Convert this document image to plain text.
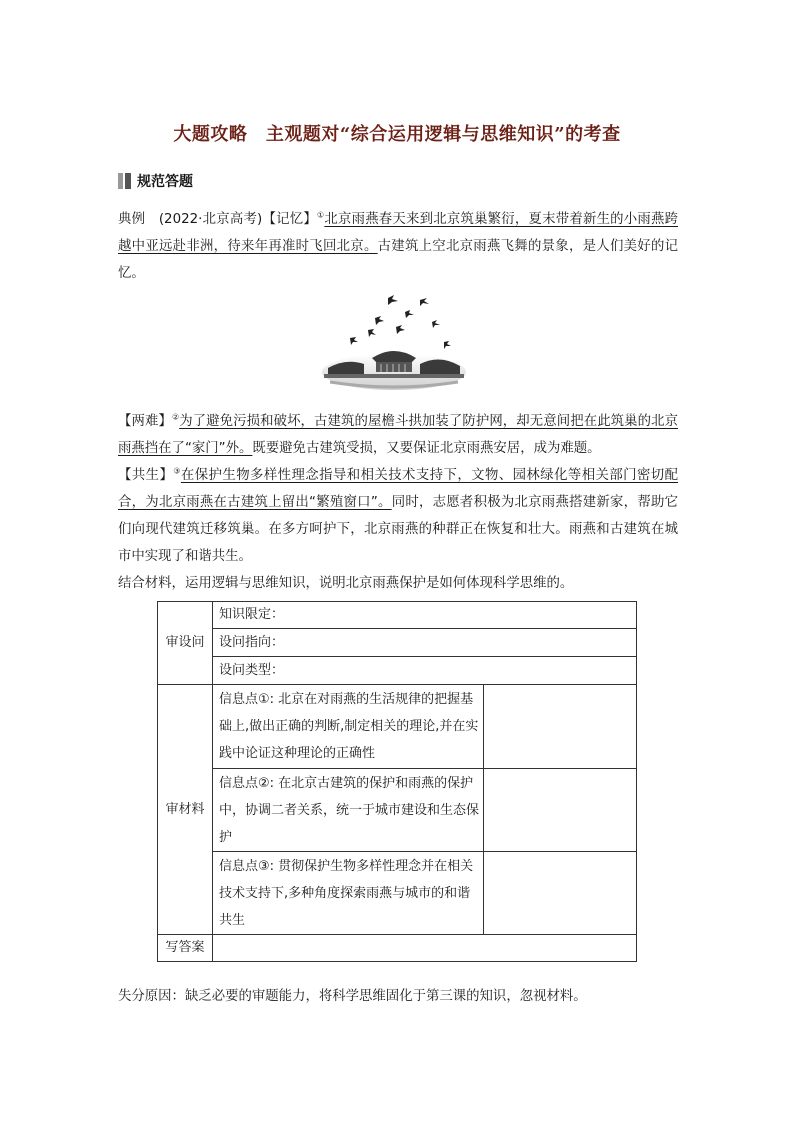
大题攻略　主观题对“综合运用逻辑与思维知识”的考查
规范答题
典例　(2022·北京高考)【记忆】①北京雨燕春天来到北京筑巢繁衍，夏末带着新生的小雨燕跨越中亚远赴非洲，待来年再准时飞回北京。古建筑上空北京雨燕飞舞的景象，是人们美好的记忆。
【两难】②为了避免污损和破坏，古建筑的屋檐斗拱加装了防护网，却无意间把在此筑巢的北京雨燕挡在了“家门”外。既要避免古建筑受损，又要保证北京雨燕安居，成为难题。
【共生】③在保护生物多样性理念指导和相关技术支持下，文物、园林绿化等相关部门密切配合，为北京雨燕在古建筑上留出“繁殖窗口”。同时，志愿者积极为北京雨燕搭建新家，帮助它们向现代建筑迁移筑巢。在多方呵护下，北京雨燕的种群正在恢复和壮大。雨燕和古建筑在城市中实现了和谐共生。
结合材料，运用逻辑与思维知识，说明北京雨燕保护是如何体现科学思维的。
审设问	知识限定：	
	设问指向：	
	设问类型：	
审材料	信息点①: 北京在对雨燕的生活规律的把握基础上,做出正确的判断,制定相关的理论,并在实践中论证这种理论的正确性	
	信息点②: 在北京古建筑的保护和雨燕的保护中，协调二者关系，统一于城市建设和生态保护	
	信息点③: 贯彻保护生物多样性理念并在相关技术支持下,多种角度探索雨燕与城市的和谐共生	
写答案		
失分原因：缺乏必要的审题能力，将科学思维固化于第三课的知识，忽视材料。
